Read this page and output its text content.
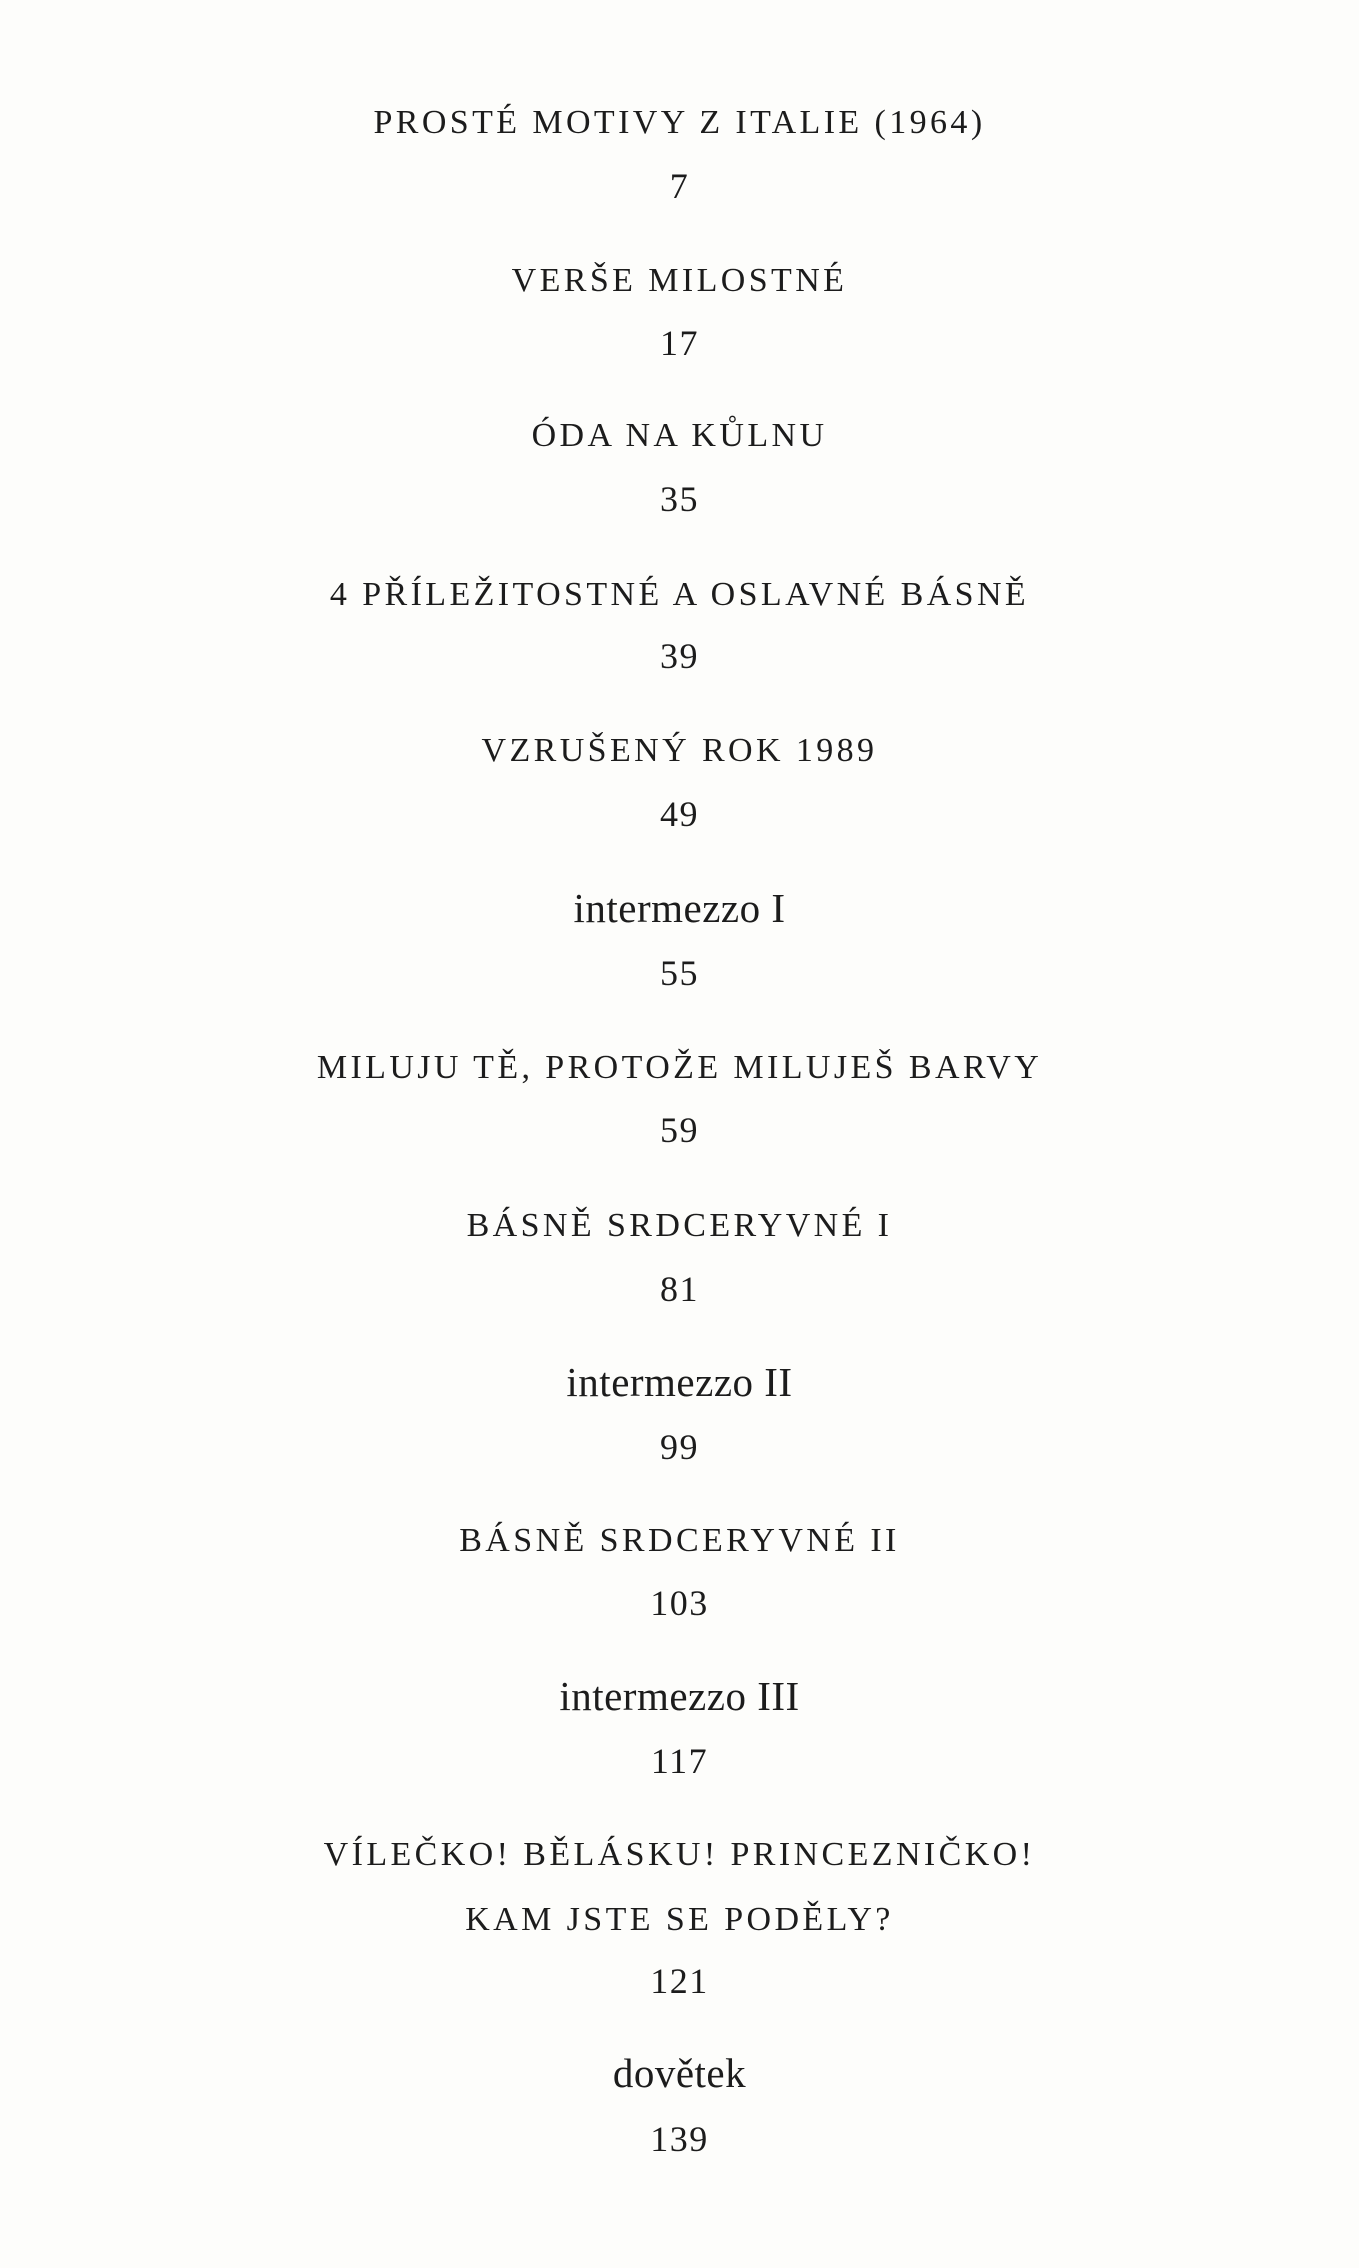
PROSTÉ MOTIVY Z ITALIE (1964)
7
VERŠE MILOSTNÉ
17
ÓDA NA KŮLNU
35
4 PŘÍLEŽITOSTNÉ A OSLAVNÉ BÁSNĚ
39
VZRUŠENÝ ROK 1989
49
intermezzo I
55
MILUJU TĚ, PROTOŽE MILUJEŠ BARVY
59
BÁSNĚ SRDCERYVNÉ I
81
intermezzo II
99
BÁSNĚ SRDCERYVNÉ II
103
intermezzo III
117
VÍLEČKO! BĚLÁSKU! PRINCEZNIČKO!
KAM JSTE SE PODĚLY?
121
dovětek
139
